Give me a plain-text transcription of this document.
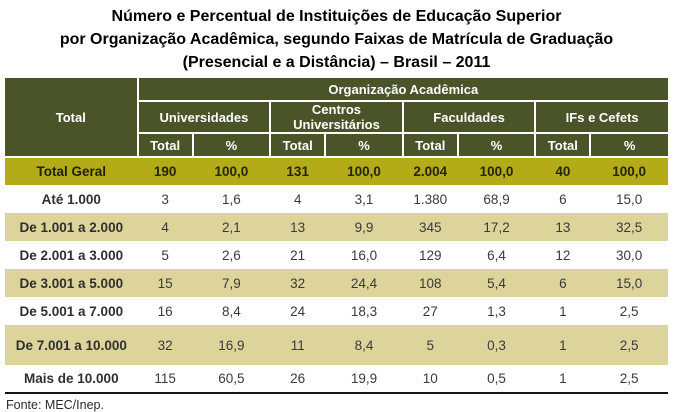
Número e Percentual de Instituições de Educação Superior
por Organização Acadêmica, segundo Faixas de Matrícula de Graduação
(Presencial e a Distância) – Brasil – 2011
Total	Organização Acadêmica							
	Universidades		Centros Universitários		Faculdades		IFs e Cefets	
	Total	%	Total	%	Total	%	Total	%
Total Geral	190	100,0	131	100,0	2.004	100,0	40	100,0
Até 1.000	3	1,6	4	3,1	1.380	68,9	6	15,0
De 1.001 a 2.000	4	2,1	13	9,9	345	17,2	13	32,5
De 2.001 a 3.000	5	2,6	21	16,0	129	6,4	12	30,0
De 3.001 a 5.000	15	7,9	32	24,4	108	5,4	6	15,0
De 5.001 a 7.000	16	8,4	24	18,3	27	1,3	1	2,5
De 7.001 a 10.000	32	16,9	11	8,4	5	0,3	1	2,5
Mais de 10.000	115	60,5	26	19,9	10	0,5	1	2,5
Fonte: MEC/Inep.
